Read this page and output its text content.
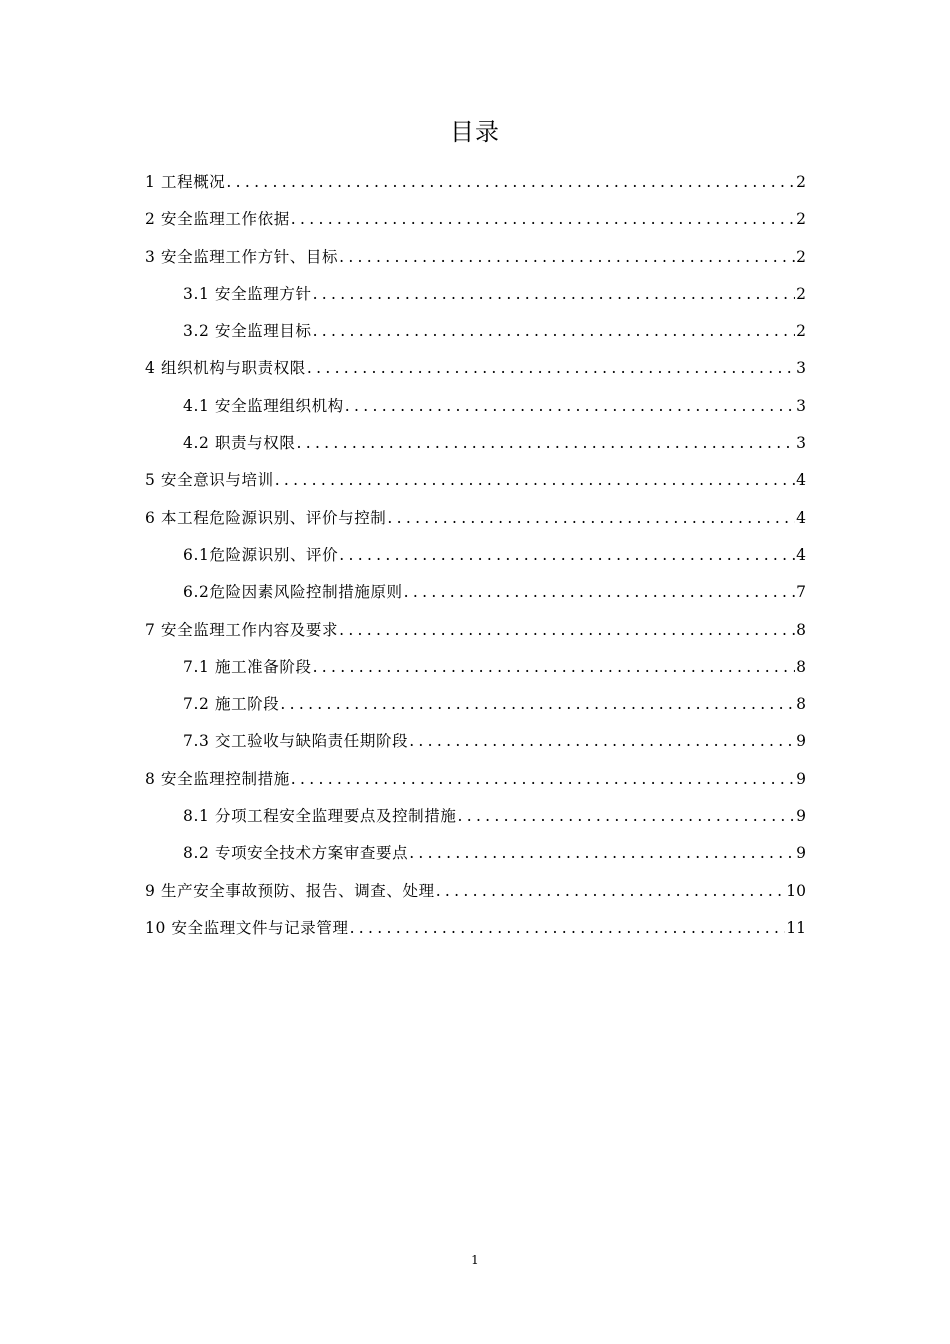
目录
1 工程概况 .....	2
2 安全监理工作依据 .....	2
3 安全监理工作方针、目标 .....	2
3.1 安全监理方针 .....	2
3.2 安全监理目标 .....	2
4 组织机构与职责权限 .....	3
4.1 安全监理组织机构 .....	3
4.2 职责与权限 .....	3
5 安全意识与培训 .....	4
6 本工程危险源识别、评价与控制 .....	4
6.1危险源识别、评价 .....	4
6.2危险因素风险控制措施原则 .....	7
7 安全监理工作内容及要求 .....	8
7.1 施工准备阶段 .....	8
7.2 施工阶段 .....	8
7.3 交工验收与缺陷责任期阶段 .....	9
8 安全监理控制措施 .....	9
8.1 分项工程安全监理要点及控制措施 .....	9
8.2 专项安全技术方案审查要点 .....	9
9 生产安全事故预防、报告、调查、处理 .....	10
10 安全监理文件与记录管理 .....	11
1
